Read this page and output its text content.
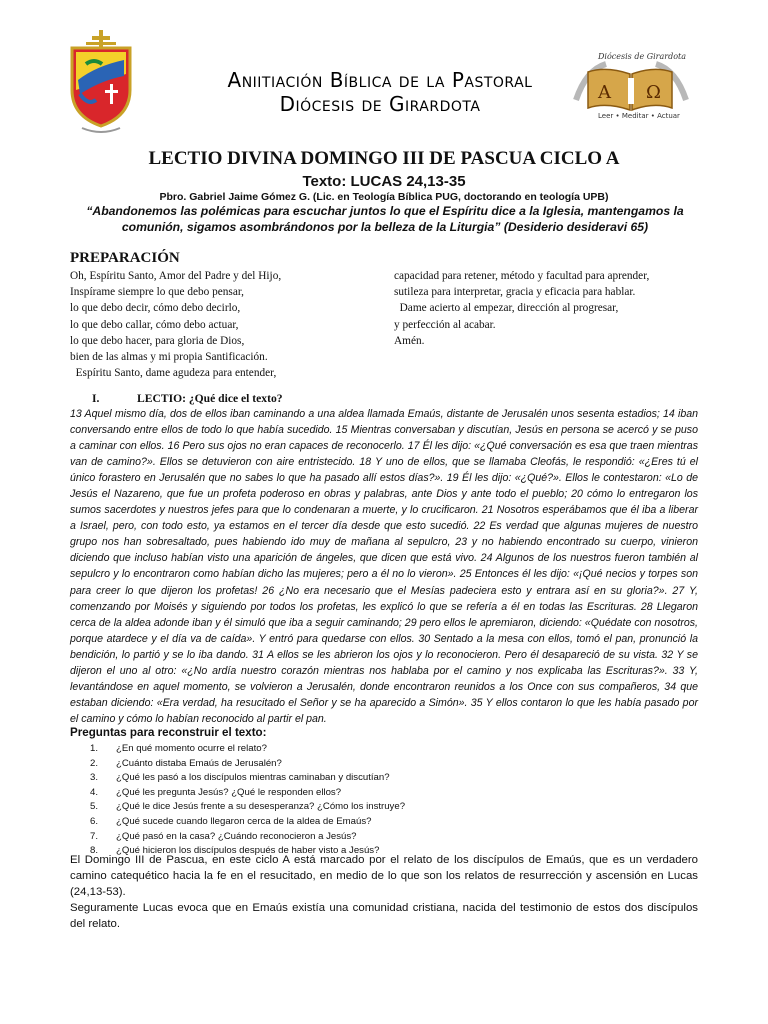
Aniitiación Bíblica de la Pastoral
Diócesis de Girardota	A Ω
Diócesis de Girardota
Leer • Meditar • Actuar
LECTIO DIVINA DOMINGO III DE PASCUA CICLO A
Texto: LUCAS 24,13-35
Pbro. Gabriel Jaime Gómez G. (Lic. en Teología Bíblica PUG, doctorando en teología UPB)
“Abandonemos las polémicas para escuchar juntos lo que el Espíritu dice a la Iglesia, mantengamos la comunión, sigamos asombrándonos por la belleza de la Liturgia” (Desiderio desideravi 65)
PREPARACIÓN
Oh, Espíritu Santo, Amor del Padre y del Hijo,
Inspírame siempre lo que debo pensar,
lo que debo decir, cómo debo decirlo,
lo que debo callar, cómo debo actuar,
lo que debo hacer, para gloria de Dios,
bien de las almas y mi propia Santificación.
Espíritu Santo, dame agudeza para entender,
capacidad para retener, método y facultad para aprender,
sutileza para interpretar, gracia y eficacia para hablar.
Dame acierto al empezar, dirección al progresar,
y perfección al acabar.
Amén.
I.	LECTIO: ¿Qué dice el texto?
13 Aquel mismo día, dos de ellos iban caminando a una aldea llamada Emaús, distante de Jerusalén unos sesenta estadios; 14 iban conversando entre ellos de todo lo que había sucedido. 15 Mientras conversaban y discutían, Jesús en persona se acercó y se puso a caminar con ellos. 16 Pero sus ojos no eran capaces de reconocerlo. 17 Él les dijo: «¿Qué conversación es esa que traen mientras van de camino?». Ellos se detuvieron con aire entristecido. 18 Y uno de ellos, que se llamaba Cleofás, le respondió: «¿Eres tú el único forastero en Jerusalén que no sabes lo que ha pasado allí estos días?». 19 Él les dijo: «¿Qué?». Ellos le contestaron: «Lo de Jesús el Nazareno, que fue un profeta poderoso en obras y palabras, ante Dios y ante todo el pueblo; 20 cómo lo entregaron los sumos sacerdotes y nuestros jefes para que lo condenaran a muerte, y lo crucificaron. 21 Nosotros esperábamos que él iba a liberar a Israel, pero, con todo esto, ya estamos en el tercer día desde que esto sucedió. 22 Es verdad que algunas mujeres de nuestro grupo nos han sobresaltado, pues habiendo ido muy de mañana al sepulcro, 23 y no habiendo encontrado su cuerpo, vinieron diciendo que incluso habían visto una aparición de ángeles, que dicen que está vivo. 24 Algunos de los nuestros fueron también al sepulcro y lo encontraron como habían dicho las mujeres; pero a él no lo vieron». 25 Entonces él les dijo: «¡Qué necios y torpes son para creer lo que dijeron los profetas! 26 ¿No era necesario que el Mesías padeciera esto y entrara así en su gloria?». 27 Y, comenzando por Moisés y siguiendo por todos los profetas, les explicó lo que se refería a él en todas las Escrituras. 28 Llegaron cerca de la aldea adonde iban y él simuló que iba a seguir caminando; 29 pero ellos le apremiaron, diciendo: «Quédate con nosotros, porque atardece y el día va de caída». Y entró para quedarse con ellos. 30 Sentado a la mesa con ellos, tomó el pan, pronunció la bendición, lo partió y se lo iba dando. 31 A ellos se les abrieron los ojos y lo reconocieron. Pero él desapareció de su vista. 32 Y se dijeron el uno al otro: «¿No ardía nuestro corazón mientras nos hablaba por el camino y nos explicaba las Escrituras?». 33 Y, levantándose en aquel momento, se volvieron a Jerusalén, donde encontraron reunidos a los Once con sus compañeros, 34 que estaban diciendo: «Era verdad, ha resucitado el Señor y se ha aparecido a Simón». 35 Y ellos contaron lo que les había pasado por el camino y cómo lo habían reconocido al partir el pan.
Preguntas para reconstruir el texto:
1. ¿En qué momento ocurre el relato?
2. ¿Cuánto distaba Emaús de Jerusalén?
3. ¿Qué les pasó a los discípulos mientras caminaban y discutían?
4. ¿Qué les pregunta Jesús? ¿Qué le responden ellos?
5. ¿Qué le dice Jesús frente a su desesperanza? ¿Cómo los instruye?
6. ¿Qué sucede cuando llegaron cerca de la aldea de Emaús?
7. ¿Qué pasó en la casa? ¿Cuándo reconocieron a Jesús?
8. ¿Qué hicieron los discípulos después de haber visto a Jesús?

El Domingo III de Pascua, en este ciclo A está marcado por el relato de los discípulos de Emaús, que es un verdadero camino catequético hacia la fe en el resucitado, en medio de lo que son los relatos de resurrección y ascensión en Lucas (24,13-53).

Seguramente Lucas evoca que en Emaús existía una comunidad cristiana, nacida del testimonio de estos dos discípulos del relato.
